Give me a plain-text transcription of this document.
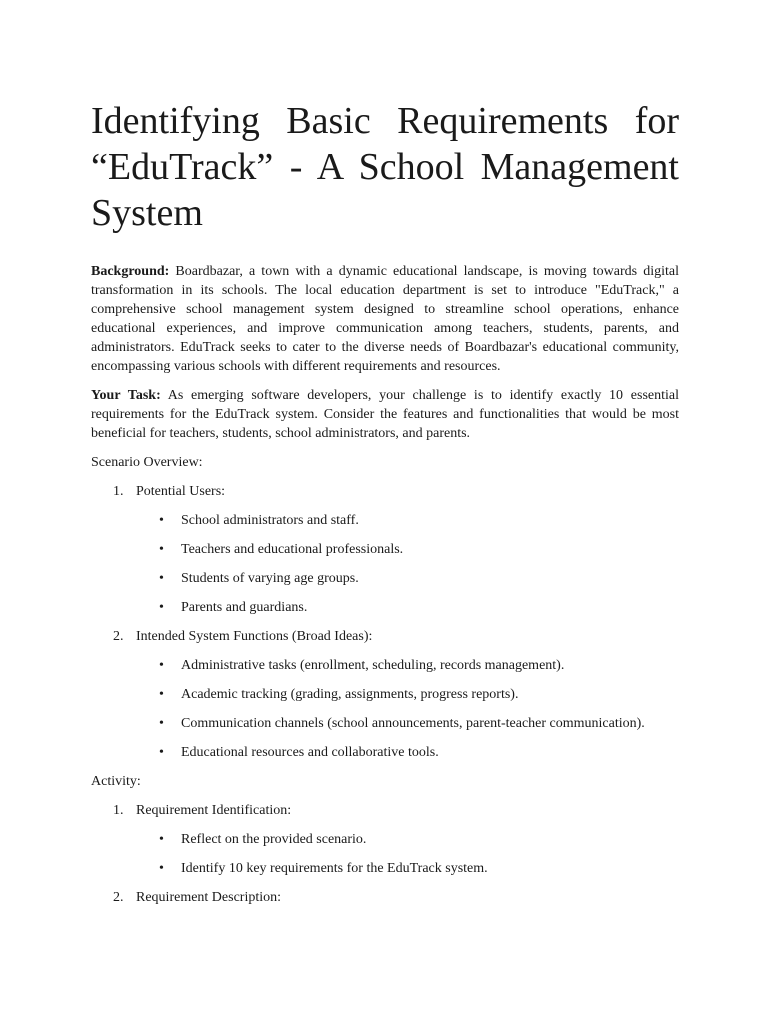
Identifying Basic Requirements for “EduTrack” - A School Management System

Background: Boardbazar, a town with a dynamic educational landscape, is moving towards digital transformation in its schools. The local education department is set to introduce "EduTrack," a comprehensive school management system designed to streamline school operations, enhance educational experiences, and improve communication among teachers, students, parents, and administrators. EduTrack seeks to cater to the diverse needs of Boardbazar's educational community, encompassing various schools with different requirements and resources.

Your Task: As emerging software developers, your challenge is to identify exactly 10 essential requirements for the EduTrack system. Consider the features and functionalities that would be most beneficial for teachers, students, school administrators, and parents.

Scenario Overview:
1. Potential Users:
• School administrators and staff.
• Teachers and educational professionals.
• Students of varying age groups.
• Parents and guardians.
2. Intended System Functions (Broad Ideas):
• Administrative tasks (enrollment, scheduling, records management).
• Academic tracking (grading, assignments, progress reports).
• Communication channels (school announcements, parent-teacher communication).
• Educational resources and collaborative tools.
Activity:
1. Requirement Identification:
• Reflect on the provided scenario.
• Identify 10 key requirements for the EduTrack system.
2. Requirement Description:
